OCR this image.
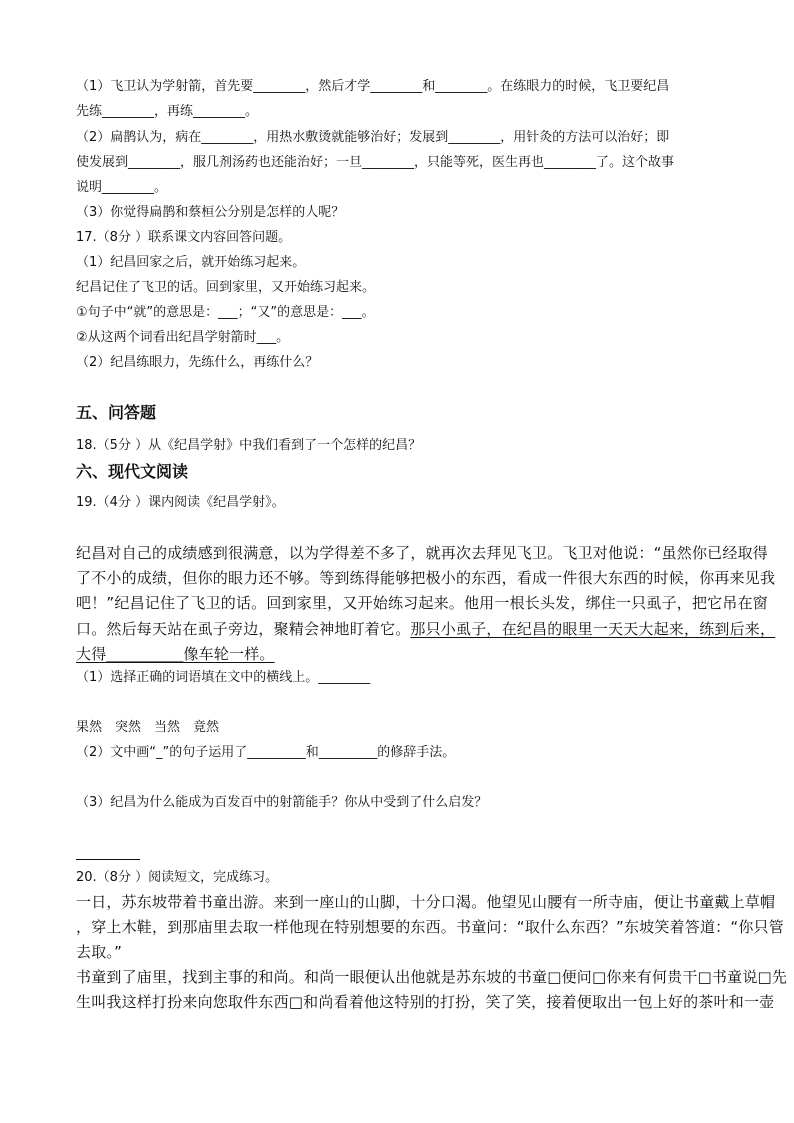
（1）飞卫认为学射箭，首先要________，然后才学________和________。在练眼力的时候，飞卫要纪昌
先练________，再练________。
（2）扁鹊认为，病在________，用热水敷烫就能够治好；发展到________，用针灸的方法可以治好；即
使发展到________，服几剂汤药也还能治好；一旦________，只能等死，医生再也________了。这个故事
说明________。
（3）你觉得扁鹊和蔡桓公分别是怎样的人呢？
17.（8分 ）联系课文内容回答问题。
（1）纪昌回家之后，就开始练习起来。
纪昌记住了飞卫的话。回到家里，又开始练习起来。
①句子中“就”的意思是：___；“又”的意思是：___。
②从这两个词看出纪昌学射箭时___。
（2）纪昌练眼力，先练什么，再练什么？
五、问答题
18.（5分 ）从《纪昌学射》中我们看到了一个怎样的纪昌？
六、现代文阅读
19.（4分 ）课内阅读《纪昌学射》。
纪昌对自己的成绩感到很满意，以为学得差不多了，就再次去拜见飞卫。飞卫对他说：“虽然你已经取得
了不小的成绩，但你的眼力还不够。等到练得能够把极小的东西，看成一件很大东西的时候，你再来见我
吧！”纪昌记住了飞卫的话。回到家里，又开始练习起来。他用一根长头发，绑住一只虱子，把它吊在窗
口。然后每天站在虱子旁边，聚精会神地盯着它。那只小虱子，在纪昌的眼里一天天大起来，练到后来，
大得__________像车轮一样。
（1）选择正确的词语填在文中的横线上。________
果然　突然　当然　竟然
（2）文中画“_”的句子运用了_________和_________的修辞手法。
（3）纪昌为什么能成为百发百中的射箭能手？你从中受到了什么启发？
20.（8分 ）阅读短文，完成练习。
一日，苏东坡带着书童出游。来到一座山的山脚，十分口渴。他望见山腰有一所寺庙，便让书童戴上草帽
，穿上木鞋，到那庙里去取一样他现在特别想要的东西。书童问：“取什么东西？”东坡笑着答道：“你只管
去取。”
书童到了庙里，找到主事的和尚。和尚一眼便认出他就是苏东坡的书童□便问□你来有何贵干□书童说□先
生叫我这样打扮来向您取件东西□和尚看着他这特别的打扮，笑了笑，接着便取出一包上好的茶叶和一壶
